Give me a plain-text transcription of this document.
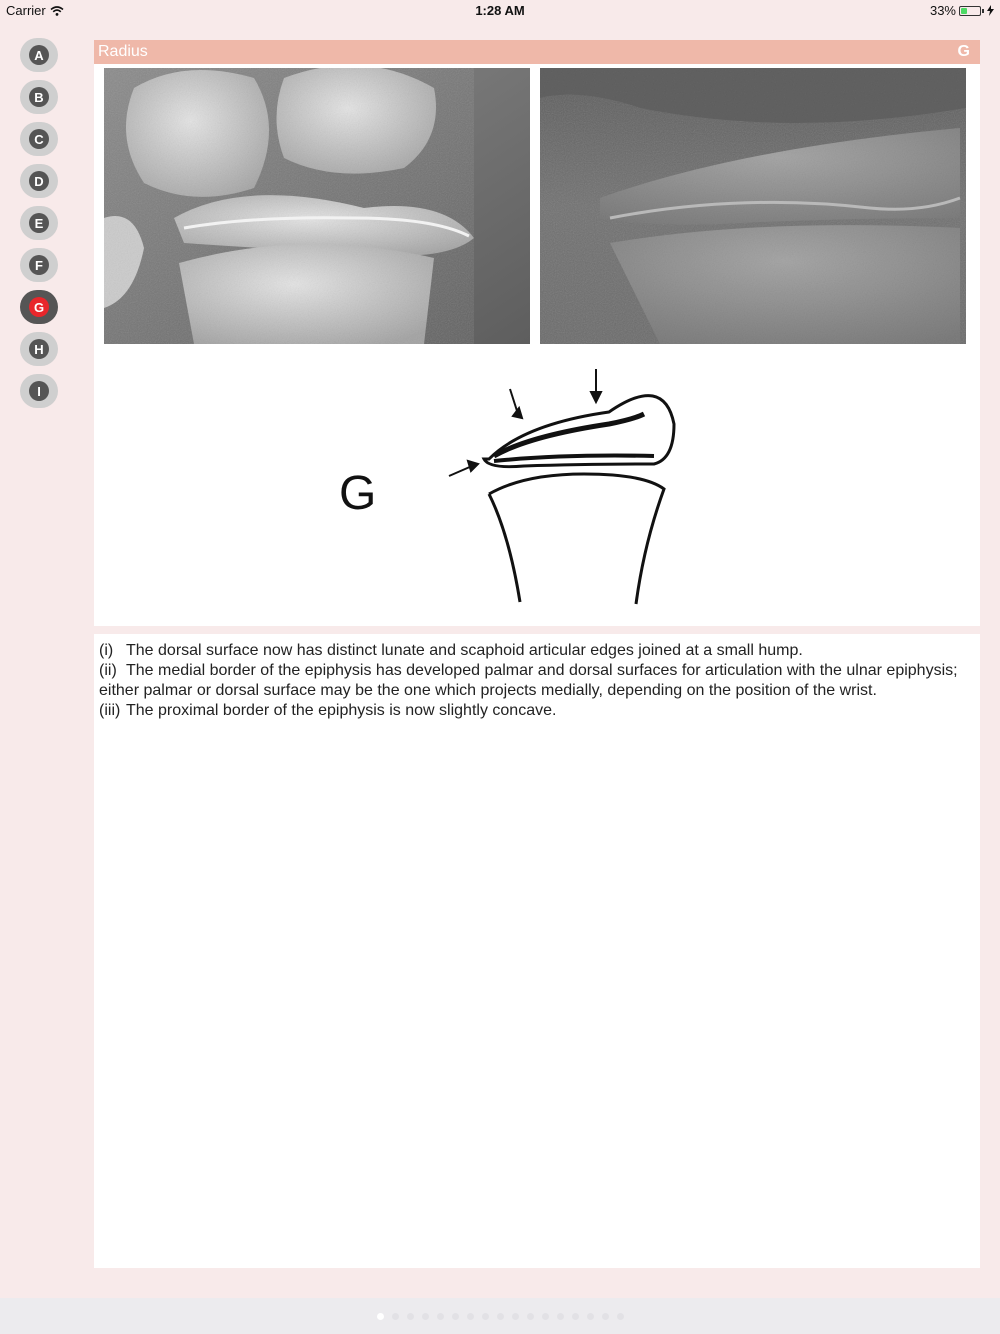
Carrier	1:28 AM	33%
A
B
C
D
E
F
G
H
I
Radius	G
G

(i) The dorsal surface now has distinct lunate and scaphoid articular edges joined at a small hump.

(ii) The medial border of the epiphysis has developed palmar and dorsal surfaces for articulation with the ulnar epiphysis; either palmar or dorsal surface may be the one which projects medially, depending on the position of the wrist.

(iii) The proximal border of the epiphysis is now slightly concave.
